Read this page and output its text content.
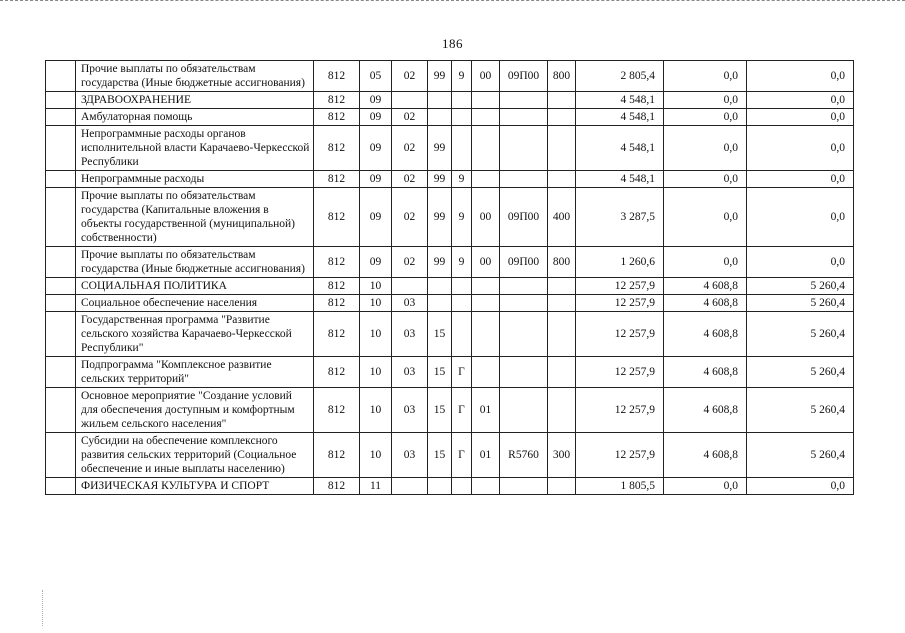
186
	Прочие выплаты по обязательствам государства (Иные бюджетные ассигнования)	812	05	02	99	9	00	09П00	800	2 805,4	0,0	0,0
	ЗДРАВООХРАНЕНИЕ	812	09							4 548,1	0,0	0,0
	Амбулаторная помощь	812	09	02						4 548,1	0,0	0,0
	Непрограммные расходы органов исполнительной власти Карачаево-Черкесской Республики	812	09	02	99					4 548,1	0,0	0,0
	Непрограммные расходы	812	09	02	99	9				4 548,1	0,0	0,0
	Прочие выплаты по обязательствам государства (Капитальные вложения в объекты государственной (муниципальной) собственности)	812	09	02	99	9	00	09П00	400	3 287,5	0,0	0,0
	Прочие выплаты по обязательствам государства (Иные бюджетные ассигнования)	812	09	02	99	9	00	09П00	800	1 260,6	0,0	0,0
	СОЦИАЛЬНАЯ ПОЛИТИКА	812	10							12 257,9	4 608,8	5 260,4
	Социальное обеспечение населения	812	10	03						12 257,9	4 608,8	5 260,4
	Государственная программа "Развитие сельского хозяйства Карачаево-Черкесской Республики"	812	10	03	15					12 257,9	4 608,8	5 260,4
	Подпрограмма "Комплексное развитие сельских территорий"	812	10	03	15	Г				12 257,9	4 608,8	5 260,4
	Основное мероприятие "Создание условий для обеспечения доступным и комфортным жильем сельского населения"	812	10	03	15	Г	01			12 257,9	4 608,8	5 260,4
	Субсидии на обеспечение комплексного развития сельских территорий (Социальное обеспечение и иные выплаты населению)	812	10	03	15	Г	01	R5760	300	12 257,9	4 608,8	5 260,4
	ФИЗИЧЕСКАЯ КУЛЬТУРА И СПОРТ	812	11							1 805,5	0,0	0,0
